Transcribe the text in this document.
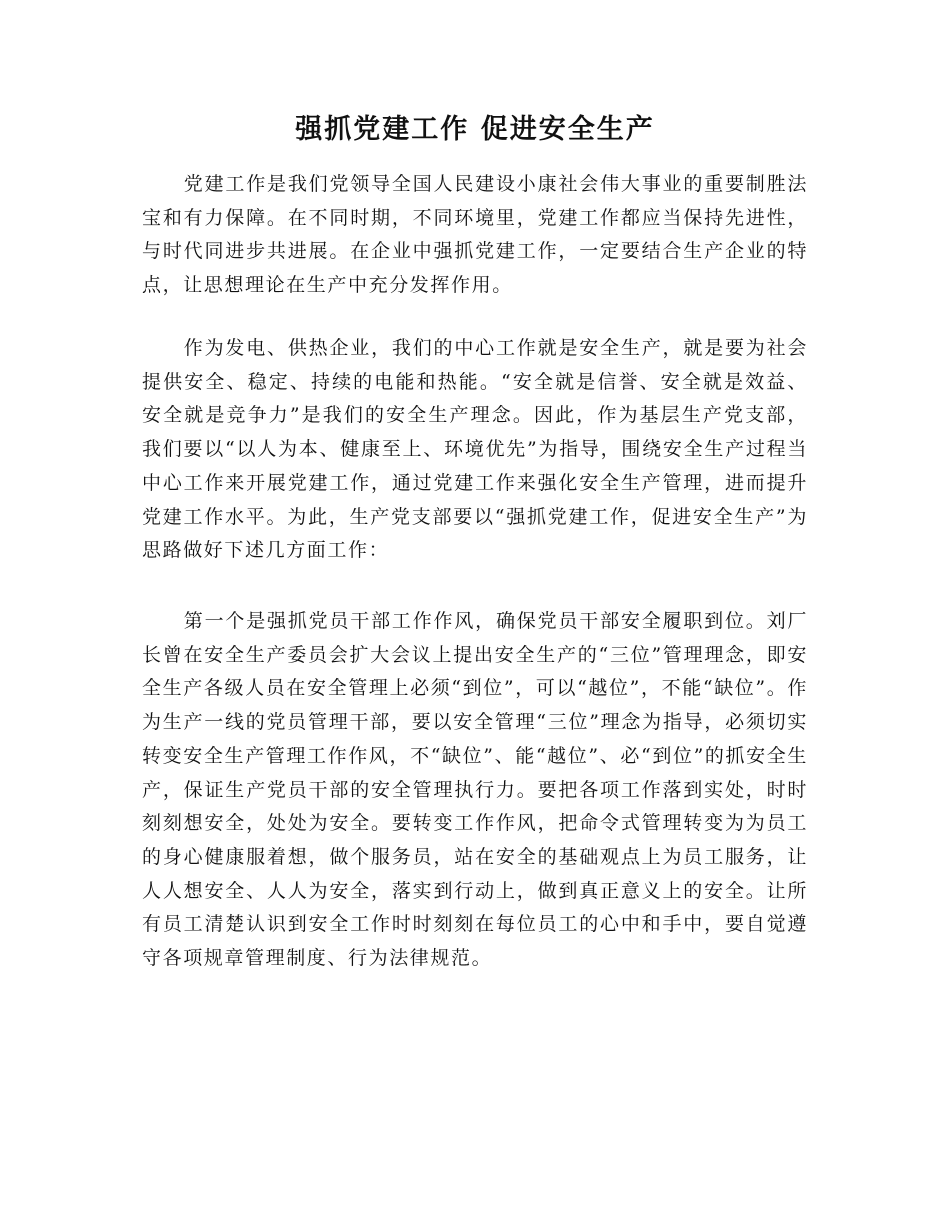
强抓党建工作 促进安全生产

党建工作是我们党领导全国人民建设小康社会伟大事业的重要制胜法宝和有力保障。在不同时期，不同环境里，党建工作都应当保持先进性，与时代同进步共进展。在企业中强抓党建工作，一定要结合生产企业的特点，让思想理论在生产中充分发挥作用。

作为发电、供热企业，我们的中心工作就是安全生产，就是要为社会提供安全、稳定、持续的电能和热能。“安全就是信誉、安全就是效益、安全就是竞争力”是我们的安全生产理念。因此，作为基层生产党支部，我们要以“以人为本、健康至上、环境优先”为指导，围绕安全生产过程当中心工作来开展党建工作，通过党建工作来强化安全生产管理，进而提升党建工作水平。为此，生产党支部要以“强抓党建工作，促进安全生产”为思路做好下述几方面工作：

第一个是强抓党员干部工作作风，确保党员干部安全履职到位。刘厂长曾在安全生产委员会扩大会议上提出安全生产的“三位”管理理念，即安全生产各级人员在安全管理上必须“到位”，可以“越位”，不能“缺位”。作为生产一线的党员管理干部，要以安全管理“三位”理念为指导，必须切实转变安全生产管理工作作风，不“缺位”、能“越位”、必“到位”的抓安全生产，保证生产党员干部的安全管理执行力。要把各项工作落到实处，时时刻刻想安全，处处为安全。要转变工作作风，把命令式管理转变为为员工的身心健康服着想，做个服务员，站在安全的基础观点上为员工服务，让人人想安全、人人为安全，落实到行动上，做到真正意义上的安全。让所有员工清楚认识到安全工作时时刻刻在每位员工的心中和手中，要自觉遵守各项规章管理制度、行为法律规范。
